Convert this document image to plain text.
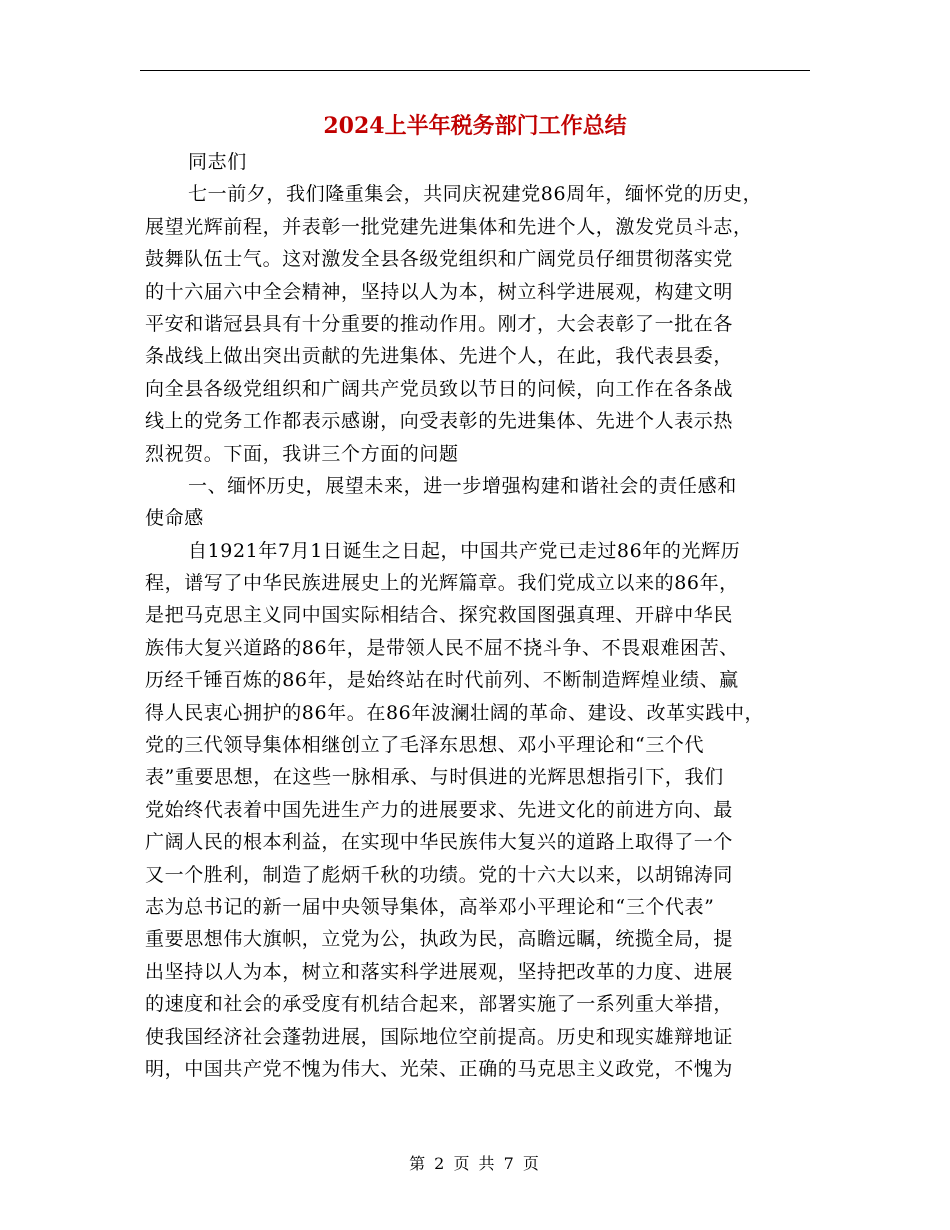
2024上半年税务部门工作总结
同志们
七一前夕，我们隆重集会，共同庆祝建党86周年，缅怀党的历史，
展望光辉前程，并表彰一批党建先进集体和先进个人，激发党员斗志，
鼓舞队伍士气。这对激发全县各级党组织和广阔党员仔细贯彻落实党
的十六届六中全会精神，坚持以人为本，树立科学进展观，构建文明
平安和谐冠县具有十分重要的推动作用。刚才，大会表彰了一批在各
条战线上做出突出贡献的先进集体、先进个人，在此，我代表县委，
向全县各级党组织和广阔共产党员致以节日的问候，向工作在各条战
线上的党务工作都表示感谢，向受表彰的先进集体、先进个人表示热
烈祝贺。下面，我讲三个方面的问题
一、缅怀历史，展望未来，进一步增强构建和谐社会的责任感和
使命感
自1921年7月1日诞生之日起，中国共产党已走过86年的光辉历
程，谱写了中华民族进展史上的光辉篇章。我们党成立以来的86年，
是把马克思主义同中国实际相结合、探究救国图强真理、开辟中华民
族伟大复兴道路的86年，是带领人民不屈不挠斗争、不畏艰难困苦、
历经千锤百炼的86年，是始终站在时代前列、不断制造辉煌业绩、赢
得人民衷心拥护的86年。在86年波澜壮阔的革命、建设、改革实践中，
党的三代领导集体相继创立了毛泽东思想、邓小平理论和“三个代
表”重要思想，在这些一脉相承、与时俱进的光辉思想指引下，我们
党始终代表着中国先进生产力的进展要求、先进文化的前进方向、最
广阔人民的根本利益，在实现中华民族伟大复兴的道路上取得了一个
又一个胜利，制造了彪炳千秋的功绩。党的十六大以来，以胡锦涛同
志为总书记的新一届中央领导集体，高举邓小平理论和“三个代表”
重要思想伟大旗帜，立党为公，执政为民，高瞻远瞩，统揽全局，提
出坚持以人为本，树立和落实科学进展观，坚持把改革的力度、进展
的速度和社会的承受度有机结合起来，部署实施了一系列重大举措，
使我国经济社会蓬勃进展，国际地位空前提高。历史和现实雄辩地证
明，中国共产党不愧为伟大、光荣、正确的马克思主义政党，不愧为
第 2 页 共 7 页
